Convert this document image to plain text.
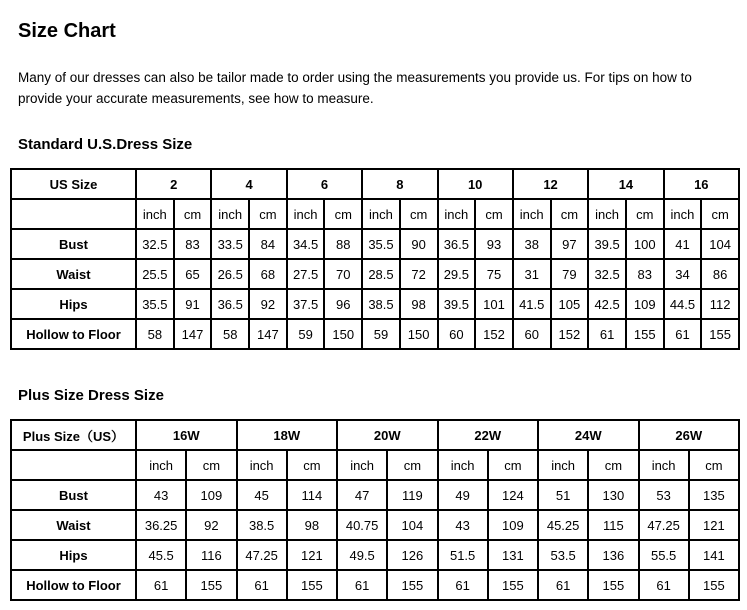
Size Chart

Many of our dresses can also be tailor made to order using the measurements you provide us. For tips on how to provide your accurate measurements, see how to measure.

Standard U.S.Dress Size
US Size	2		4		6		8		10		12		14		16	
	inch	cm	inch	cm	inch	cm	inch	cm	inch	cm	inch	cm	inch	cm	inch	cm
Bust	32.5	83	33.5	84	34.5	88	35.5	90	36.5	93	38	97	39.5	100	41	104
Waist	25.5	65	26.5	68	27.5	70	28.5	72	29.5	75	31	79	32.5	83	34	86
Hips	35.5	91	36.5	92	37.5	96	38.5	98	39.5	101	41.5	105	42.5	109	44.5	112
Hollow to Floor	58	147	58	147	59	150	59	150	60	152	60	152	61	155	61	155
Plus Size Dress Size
Plus Size（US）	16W		18W		20W		22W		24W		26W	
	inch	cm	inch	cm	inch	cm	inch	cm	inch	cm	inch	cm
Bust	43	109	45	114	47	119	49	124	51	130	53	135
Waist	36.25	92	38.5	98	40.75	104	43	109	45.25	115	47.25	121
Hips	45.5	116	47.25	121	49.5	126	51.5	131	53.5	136	55.5	141
Hollow to Floor	61	155	61	155	61	155	61	155	61	155	61	155
